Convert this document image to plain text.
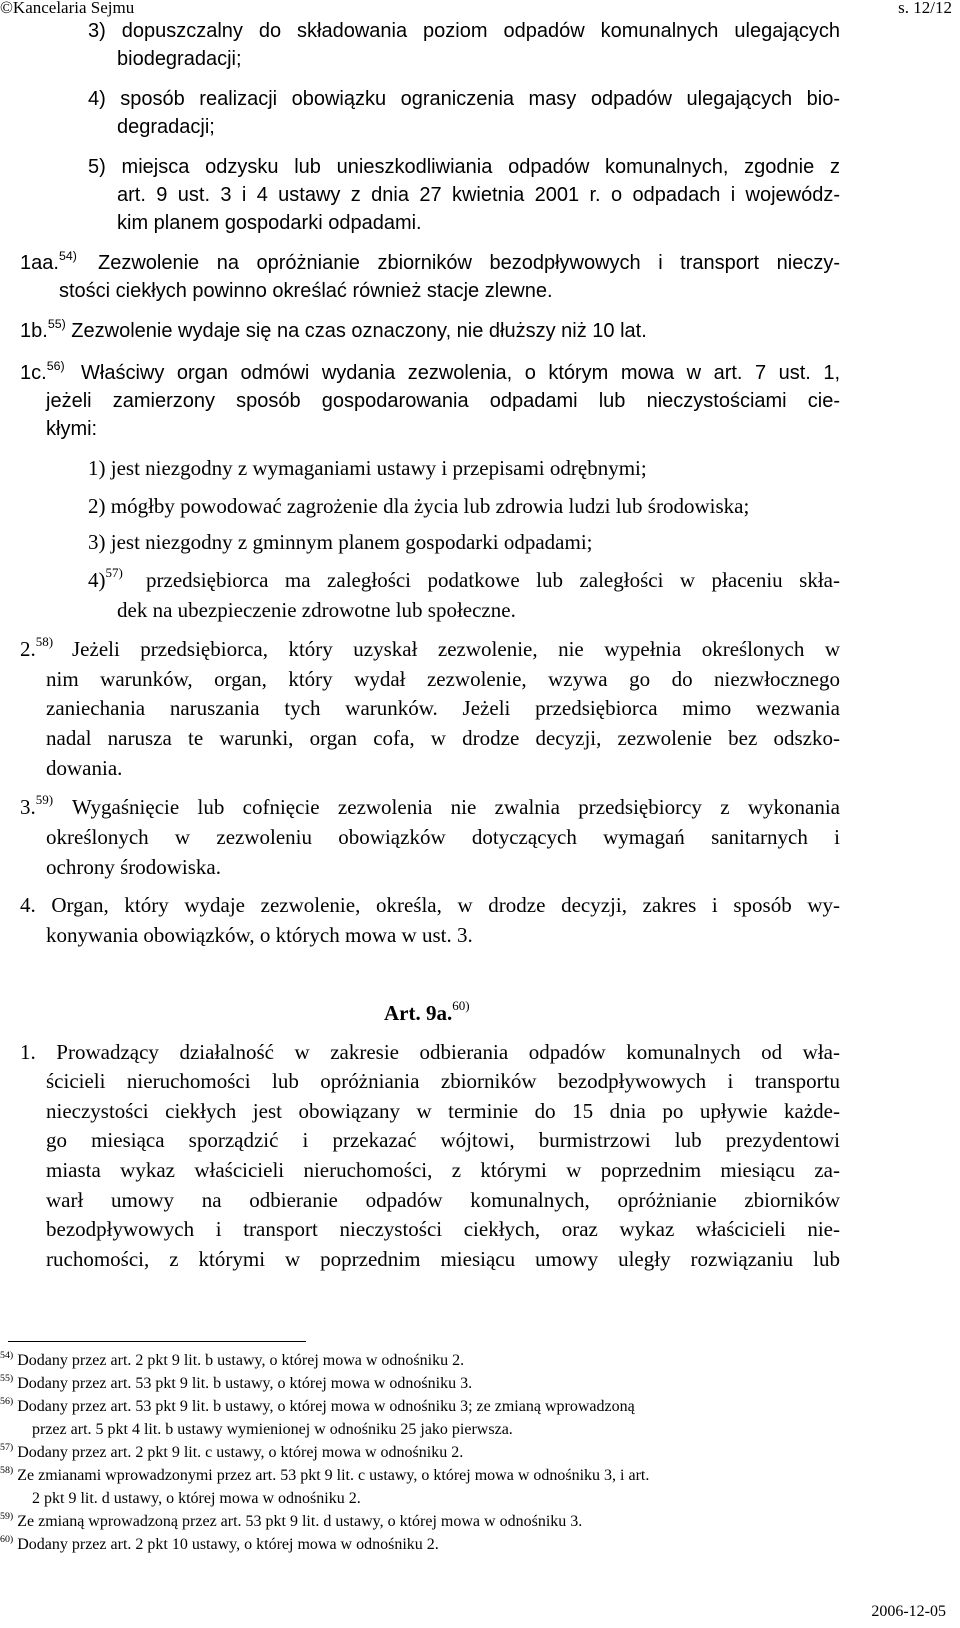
©Kancelaria Sejmu	s. 12/12

3) dopuszczalny do składowania poziom odpadów komunalnych ulegających

biodegradacji;

4) sposób realizacji obowiązku ograniczenia masy odpadów ulegających bio-

degradacji;

5) miejsca odzysku lub unieszkodliwiania odpadów komunalnych, zgodnie z

art. 9 ust. 3 i 4 ustawy z dnia 27 kwietnia 2001 r. o odpadach i wojewódz-

kim planem gospodarki odpadami.

1aa.$^{54)}$ Zezwolenie na opróżnianie zbiorników bezodpływowych i transport nieczy-

stości ciekłych powinno określać również stacje zlewne.

1b.$^{55)}$ Zezwolenie wydaje się na czas oznaczony, nie dłuższy niż 10 lat.

1c.$^{56)}$ Właściwy organ odmówi wydania zezwolenia, o którym mowa w art. 7 ust. 1,

jeżeli zamierzony sposób gospodarowania odpadami lub nieczystościami cie-

kłymi:

1) jest niezgodny z wymaganiami ustawy i przepisami odrębnymi;

2) mógłby powodować zagrożenie dla życia lub zdrowia ludzi lub środowiska;

3) jest niezgodny z gminnym planem gospodarki odpadami;

4)$^{57)}$ przedsiębiorca ma zaległości podatkowe lub zaległości w płaceniu skła-

dek na ubezpieczenie zdrowotne lub społeczne.

2.$^{58)}$ Jeżeli przedsiębiorca, który uzyskał zezwolenie, nie wypełnia określonych w

nim warunków, organ, który wydał zezwolenie, wzywa go do niezwłocznego

zaniechania naruszania tych warunków. Jeżeli przedsiębiorca mimo wezwania

nadal narusza te warunki, organ cofa, w drodze decyzji, zezwolenie bez odszko-

dowania.

3.$^{59)}$ Wygaśnięcie lub cofnięcie zezwolenia nie zwalnia przedsiębiorcy z wykonania

określonych w zezwoleniu obowiązków dotyczących wymagań sanitarnych i

ochrony środowiska.

4. Organ, który wydaje zezwolenie, określa, w drodze decyzji, zakres i sposób wy-

konywania obowiązków, o których mowa w ust. 3.

Art. 9a.$^{60)}$

1. Prowadzący działalność w zakresie odbierania odpadów komunalnych od wła-

ścicieli nieruchomości lub opróżniania zbiorników bezodpływowych i transportu

nieczystości ciekłych jest obowiązany w terminie do 15 dnia po upływie każde-

go miesiąca sporządzić i przekazać wójtowi, burmistrzowi lub prezydentowi

miasta wykaz właścicieli nieruchomości, z którymi w poprzednim miesiącu za-

warł umowy na odbieranie odpadów komunalnych, opróżnianie zbiorników

bezodpływowych i transport nieczystości ciekłych, oraz wykaz właścicieli nie-

ruchomości, z którymi w poprzednim miesiącu umowy uległy rozwiązaniu lub

$^{54)}$ Dodany przez art. 2 pkt 9 lit. b ustawy, o której mowa w odnośniku 2.

$^{55)}$ Dodany przez art. 53 pkt 9 lit. b ustawy, o której mowa w odnośniku 3.

$^{56)}$ Dodany przez art. 53 pkt 9 lit. b ustawy, o której mowa w odnośniku 3; ze zmianą wprowadzoną

przez art. 5 pkt 4 lit. b ustawy wymienionej w odnośniku 25 jako pierwsza.

$^{57)}$ Dodany przez art. 2 pkt 9 lit. c ustawy, o której mowa w odnośniku 2.

$^{58)}$ Ze zmianami wprowadzonymi przez art. 53 pkt 9 lit. c ustawy, o której mowa w odnośniku 3, i art.

2 pkt 9 lit. d ustawy, o której mowa w odnośniku 2.

$^{59)}$ Ze zmianą wprowadzoną przez art. 53 pkt 9 lit. d ustawy, o której mowa w odnośniku 3.

$^{60)}$ Dodany przez art. 2 pkt 10 ustawy, o której mowa w odnośniku 2.

2006-12-05
